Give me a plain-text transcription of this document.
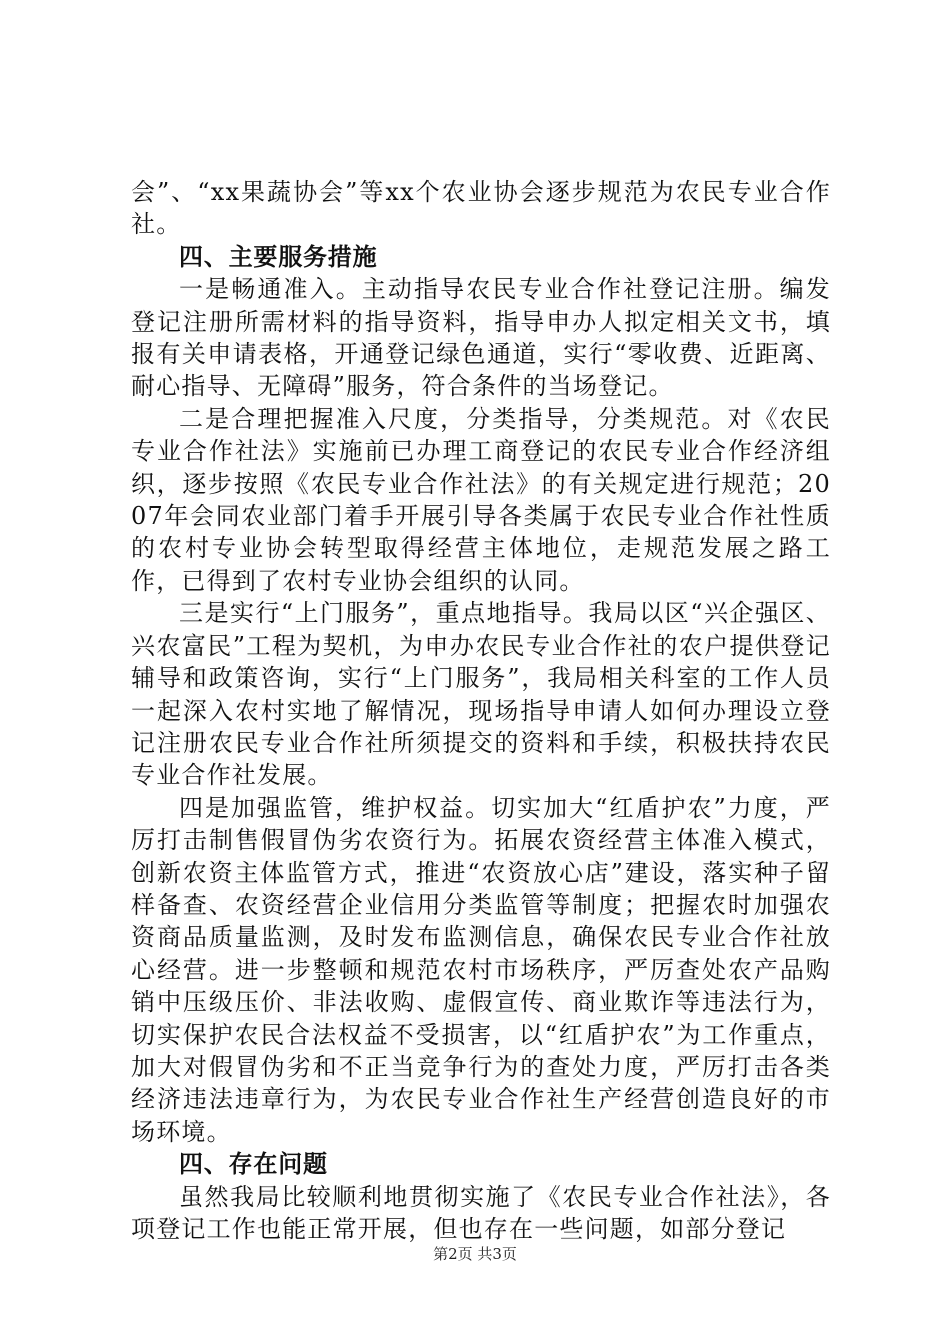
会”、“xx果蔬协会”等xx个农业协会逐步规范为农民专业合作社。

四、主要服务措施

一是畅通准入。主动指导农民专业合作社登记注册。编发登记注册所需材料的指导资料，指导申办人拟定相关文书，填报有关申请表格，开通登记绿色通道，实行“零收费、近距离、耐心指导、无障碍”服务，符合条件的当场登记。

二是合理把握准入尺度，分类指导，分类规范。对《农民专业合作社法》实施前已办理工商登记的农民专业合作经济组织，逐步按照《农民专业合作社法》的有关规定进行规范；2007年会同农业部门着手开展引导各类属于农民专业合作社性质的农村专业协会转型取得经营主体地位，走规范发展之路工作，已得到了农村专业协会组织的认同。

三是实行“上门服务”，重点地指导。我局以区“兴企强区、兴农富民”工程为契机，为申办农民专业合作社的农户提供登记辅导和政策咨询，实行“上门服务”，我局相关科室的工作人员一起深入农村实地了解情况，现场指导申请人如何办理设立登记注册农民专业合作社所须提交的资料和手续，积极扶持农民专业合作社发展。

四是加强监管，维护权益。切实加大“红盾护农”力度，严厉打击制售假冒伪劣农资行为。拓展农资经营主体准入模式，创新农资主体监管方式，推进“农资放心店”建设，落实种子留样备查、农资经营企业信用分类监管等制度；把握农时加强农资商品质量监测，及时发布监测信息，确保农民专业合作社放心经营。进一步整顿和规范农村市场秩序，严厉查处农产品购销中压级压价、非法收购、虚假宣传、商业欺诈等违法行为，切实保护农民合法权益不受损害，以“红盾护农”为工作重点，加大对假冒伪劣和不正当竞争行为的查处力度，严厉打击各类经济违法违章行为，为农民专业合作社生产经营创造良好的市场环境。

四、存在问题

虽然我局比较顺利地贯彻实施了《农民专业合作社法》，各项登记工作也能正常开展，但也存在一些问题，如部分登记

第2页 共3页
